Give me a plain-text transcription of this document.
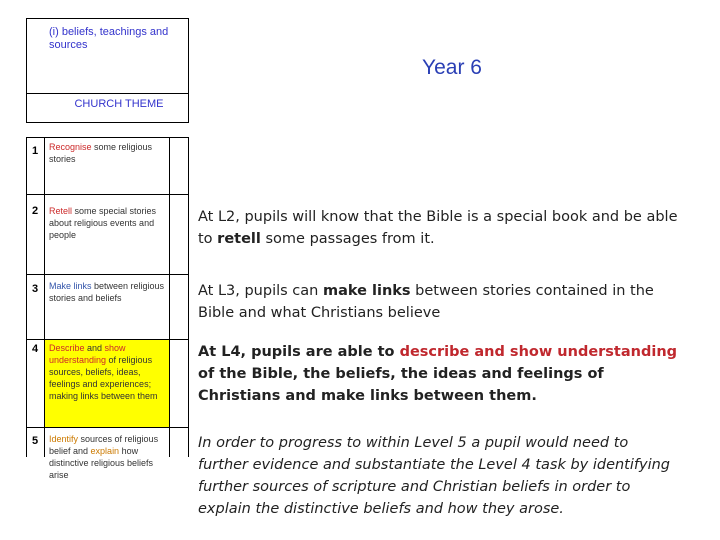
(i) beliefs, teachings and sources
Year 6
CHURCH THEME
1 Recognise some religious stories
2 Retell some special stories about religious events and people
At L2, pupils will know that the Bible is a special book and be able to retell some passages from it.
3 Make links between religious stories and beliefs	At L3, pupils can make links between stories contained in the Bible and what Christians believe
4 Describe and show understanding of religious sources, beliefs, ideas, feelings and experiences; making links between them
At L4, pupils are able to describe and show understanding of the Bible, the beliefs, the ideas and feelings of Christians and make links between them.
5 Identify sources of religious belief and explain how distinctive religious beliefs arise
In order to progress to within Level 5 a pupil would need to further evidence and substantiate the Level 4 task by identifying further sources of scripture and Christian beliefs in order to explain the distinctive beliefs and how they arose.
